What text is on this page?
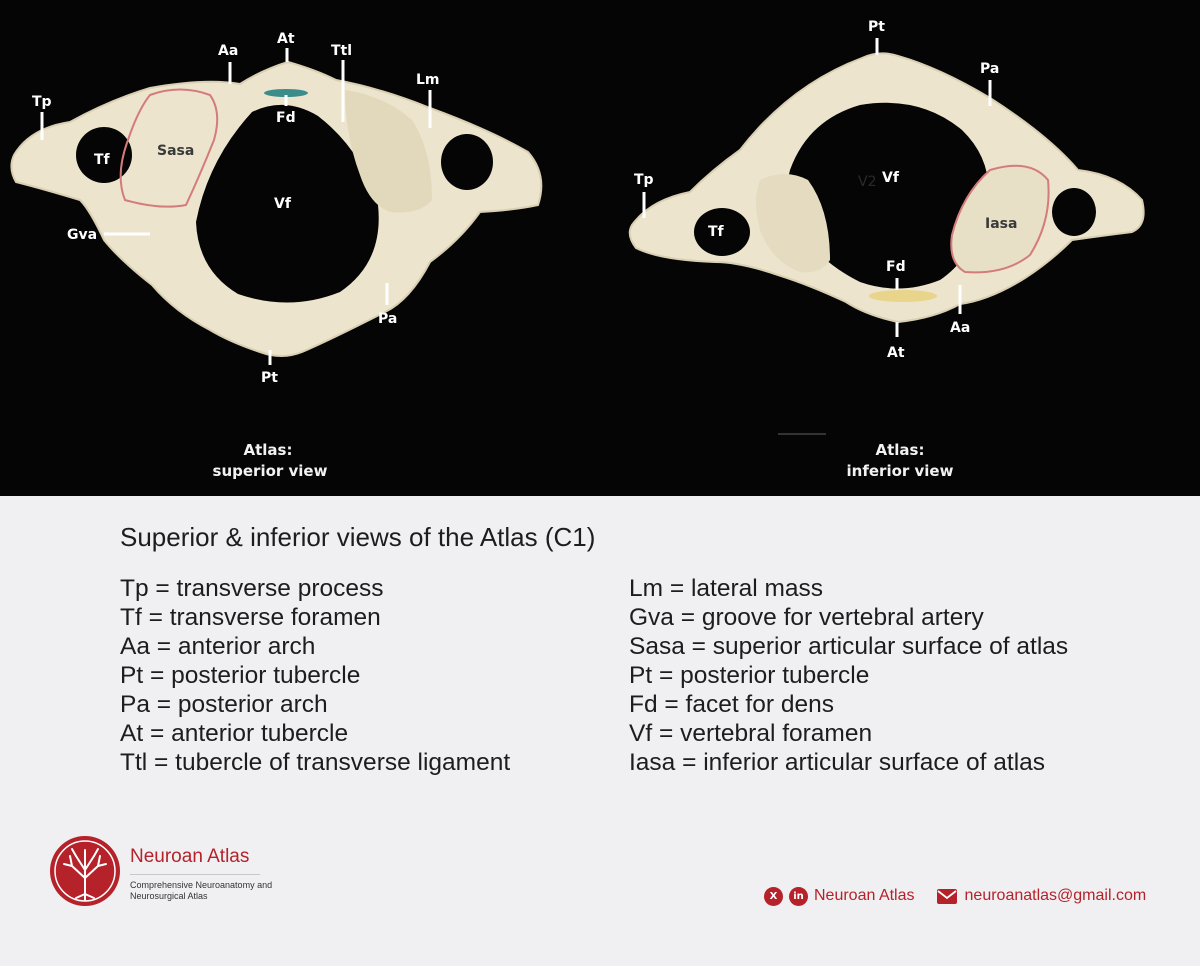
Tp
Tf
Aa
At
Ttl
Lm
Fd
Sasa
Vf
Gva
Pa
Pt
Atlas:
superior view
Pt
Pa
Tp	V2 Vf
Tf	Iasa
Fd
Aa
At
Atlas:
inferior view
Superior & inferior views of the Atlas (C1)
Tp = transverse process
Tf = transverse foramen
Aa = anterior arch
Pt = posterior tubercle
Pa = posterior arch
At = anterior tubercle
Ttl = tubercle of transverse ligament
Lm = lateral mass
Gva = groove for vertebral artery
Sasa = superior articular surface of atlas
Pt = posterior tubercle
Fd = facet for dens
Vf = vertebral foramen
Iasa = inferior articular surface of atlas

Neuroan Atlas

Comprehensive Neuroanatomy and Neurosurgical Atlas	X	in Neuroan Atlas	neuroanatlas@gmail.com
